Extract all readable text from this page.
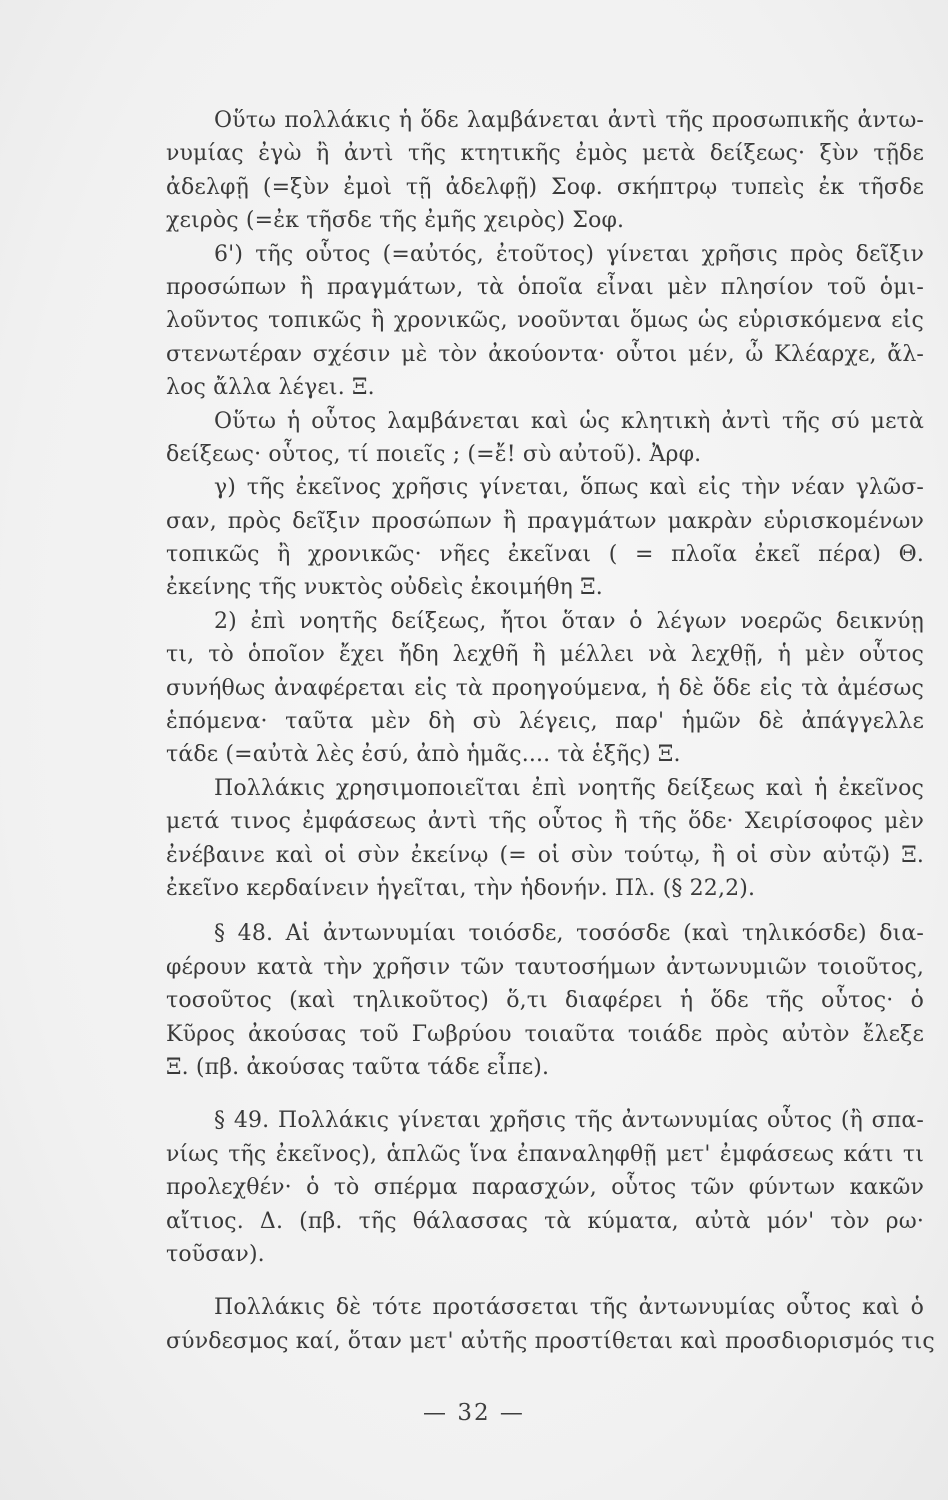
Οὕτω πολλάκις ἡ ὅδε λαμβάνεται ἀντὶ τῆς προσωπικῆς ἀντω-
νυμίας ἐγὼ ἢ ἀντὶ τῆς κτητικῆς ἐμὸς μετὰ δείξεως· ξὺν τῇδε
ἀδελφῇ (=ξὺν ἐμοὶ τῇ ἀδελφῇ) Σοφ. σκήπτρῳ τυπεὶς ἐκ τῆσδε
χειρὸς (=ἐκ τῆσδε τῆς ἐμῆς χειρὸς) Σοφ.
6') τῆς οὗτος (=αὐτός, ἐτοῦτος) γίνεται χρῆσις πρὸς δεῖξιν
προσώπων ἢ πραγμάτων, τὰ ὁποῖα εἶναι μὲν πλησίον τοῦ ὁμι-
λοῦντος τοπικῶς ἢ χρονικῶς, νοοῦνται ὅμως ὡς εὑρισκόμενα εἰς
στενωτέραν σχέσιν μὲ τὸν ἀκούοντα· οὗτοι μέν, ὦ Κλέαρχε, ἄλ-
λος ἄλλα λέγει. Ξ.
Οὕτω ἡ οὗτος λαμβάνεται καὶ ὡς κλητικὴ ἀντὶ τῆς σύ μετὰ
δείξεως· οὗτος, τί ποιεῖς ; (=ἔ! σὺ αὐτοῦ). Ἀρφ.
γ) τῆς ἐκεῖνος χρῆσις γίνεται, ὅπως καὶ εἰς τὴν νέαν γλῶσ-
σαν, πρὸς δεῖξιν προσώπων ἢ πραγμάτων μακρὰν εὑρισκομένων
τοπικῶς ἢ χρονικῶς· νῆες ἐκεῖναι ( = πλοῖα ἐκεῖ πέρα) Θ.
ἐκείνης τῆς νυκτὸς οὐδεὶς ἐκοιμήθη Ξ.
2) ἐπὶ νοητῆς δείξεως, ἤτοι ὅταν ὁ λέγων νοερῶς δεικνύῃ
τι, τὸ ὁποῖον ἔχει ἤδη λεχθῆ ἢ μέλλει νὰ λεχθῇ, ἡ μὲν οὗτος
συνήθως ἀναφέρεται εἰς τὰ προηγούμενα, ἡ δὲ ὅδε εἰς τὰ ἀμέσως
ἑπόμενα· ταῦτα μὲν δὴ σὺ λέγεις, παρ' ἡμῶν δὲ ἀπάγγελλε
τάδε (=αὐτὰ λὲς ἐσύ, ἀπὸ ἡμᾶς.... τὰ ἑξῆς) Ξ.
Πολλάκις χρησιμοποιεῖται ἐπὶ νοητῆς δείξεως καὶ ἡ ἐκεῖνος
μετά τινος ἐμφάσεως ἀντὶ τῆς οὗτος ἢ τῆς ὅδε· Χειρίσοφος μὲν
ἐνέβαινε καὶ οἱ σὺν ἐκείνῳ (= οἱ σὺν τούτῳ, ἢ οἱ σὺν αὐτῷ) Ξ.
ἐκεῖνο κερδαίνειν ἡγεῖται, τὴν ἡδονήν. Πλ. (§ 22,2).
§ 48. Αἱ ἀντωνυμίαι τοιόσδε, τοσόσδε (καὶ τηλικόσδε) δια-
φέρουν κατὰ τὴν χρῆσιν τῶν ταυτοσήμων ἀντωνυμιῶν τοιοῦτος,
τοσοῦτος (καὶ τηλικοῦτος) ὅ,τι διαφέρει ἡ ὅδε τῆς οὗτος· ὁ
Κῦρος ἀκούσας τοῦ Γωβρύου τοιαῦτα τοιάδε πρὸς αὐτὸν ἔλεξε
Ξ. (πβ. ἀκούσας ταῦτα τάδε εἶπε).
§ 49. Πολλάκις γίνεται χρῆσις τῆς ἀντωνυμίας οὗτος (ἢ σπα-
νίως τῆς ἐκεῖνος), ἁπλῶς ἵνα ἐπαναληφθῇ μετ' ἐμφάσεως κάτι τι
προλεχθέν· ὁ τὸ σπέρμα παρασχών, οὗτος τῶν φύντων κακῶν
αἴτιος. Δ. (πβ. τῆς θάλασσας τὰ κύματα, αὐτὰ μόν' τὸν ρω·
τοῦσαν).
Πολλάκις δὲ τότε προτάσσεται τῆς ἀντωνυμίας οὗτος καὶ ὁ
σύνδεσμος καί, ὅταν μετ' αὐτῆς προστίθεται καὶ προσδιορισμός τις
— 32 —
